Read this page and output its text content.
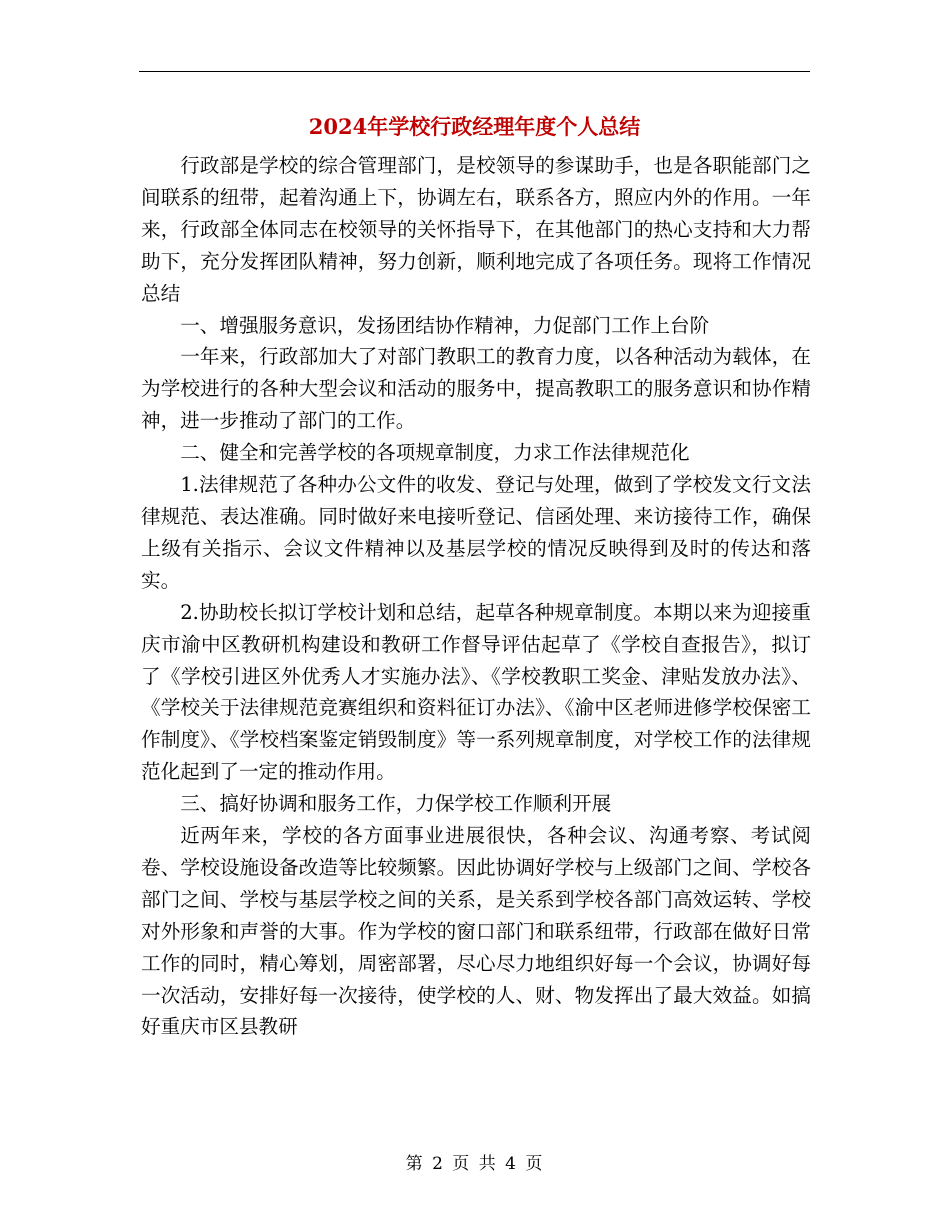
2024年学校行政经理年度个人总结

行政部是学校的综合管理部门，是校领导的参谋助手，也是各职能部门之间联系的纽带，起着沟通上下，协调左右，联系各方，照应内外的作用。一年来，行政部全体同志在校领导的关怀指导下，在其他部门的热心支持和大力帮助下，充分发挥团队精神，努力创新，顺利地完成了各项任务。现将工作情况总结

一、增强服务意识，发扬团结协作精神，力促部门工作上台阶

一年来，行政部加大了对部门教职工的教育力度，以各种活动为载体，在为学校进行的各种大型会议和活动的服务中，提高教职工的服务意识和协作精神，进一步推动了部门的工作。

二、健全和完善学校的各项规章制度，力求工作法律规范化

1.法律规范了各种办公文件的收发、登记与处理，做到了学校发文行文法律规范、表达准确。同时做好来电接听登记、信函处理、来访接待工作，确保上级有关指示、会议文件精神以及基层学校的情况反映得到及时的传达和落实。

2.协助校长拟订学校计划和总结，起草各种规章制度。本期以来为迎接重庆市渝中区教研机构建设和教研工作督导评估起草了《学校自查报告》，拟订了《学校引进区外优秀人才实施办法》、《学校教职工奖金、津贴发放办法》、《学校关于法律规范竞赛组织和资料征订办法》、《渝中区老师进修学校保密工作制度》、《学校档案鉴定销毁制度》等一系列规章制度，对学校工作的法律规范化起到了一定的推动作用。

三、搞好协调和服务工作，力保学校工作顺利开展

近两年来，学校的各方面事业进展很快，各种会议、沟通考察、考试阅卷、学校设施设备改造等比较频繁。因此协调好学校与上级部门之间、学校各部门之间、学校与基层学校之间的关系，是关系到学校各部门高效运转、学校对外形象和声誉的大事。作为学校的窗口部门和联系纽带，行政部在做好日常工作的同时，精心筹划，周密部署，尽心尽力地组织好每一个会议，协调好每一次活动，安排好每一次接待，使学校的人、财、物发挥出了最大效益。如搞好重庆市区县教研

第 2 页 共 4 页
